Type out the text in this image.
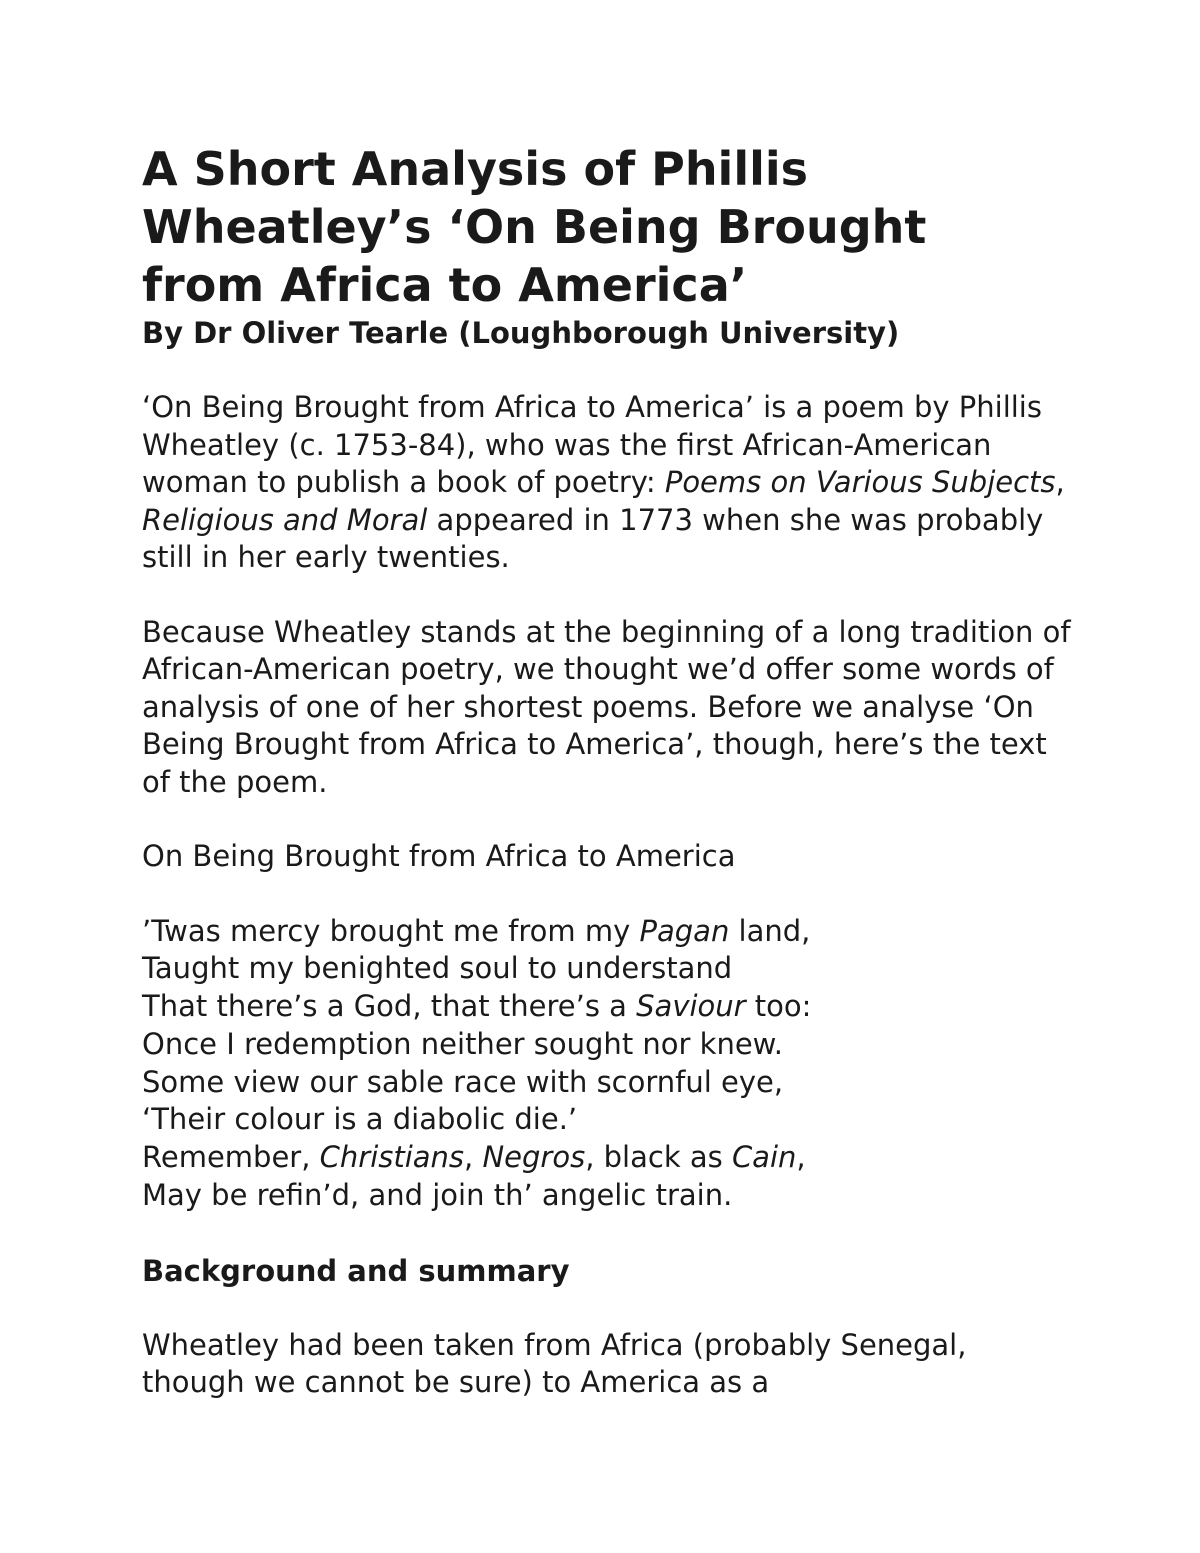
A Short Analysis of Phillis Wheatley’s ‘On Being Brought from Africa to America’

By Dr Oliver Tearle (Loughborough University)

‘On Being Brought from Africa to America’ is a poem by Phillis Wheatley (c. 1753-84), who was the first African-American woman to publish a book of poetry: Poems on Various Subjects, Religious and Moral appeared in 1773 when she was probably still in her early twenties.

Because Wheatley stands at the beginning of a long tradition of African-American poetry, we thought we’d offer some words of analysis of one of her shortest poems. Before we analyse ‘On Being Brought from Africa to America’, though, here’s the text of the poem.

On Being Brought from Africa to America

’Twas mercy brought me from my Pagan land,
Taught my benighted soul to understand
That there’s a God, that there’s a Saviour too:
Once I redemption neither sought nor knew.
Some view our sable race with scornful eye,
‘Their colour is a diabolic die.’
Remember, Christians, Negros, black as Cain,
May be refin’d, and join th’ angelic train.
Background and summary

Wheatley had been taken from Africa (probably Senegal, though we cannot be sure) to America as a
